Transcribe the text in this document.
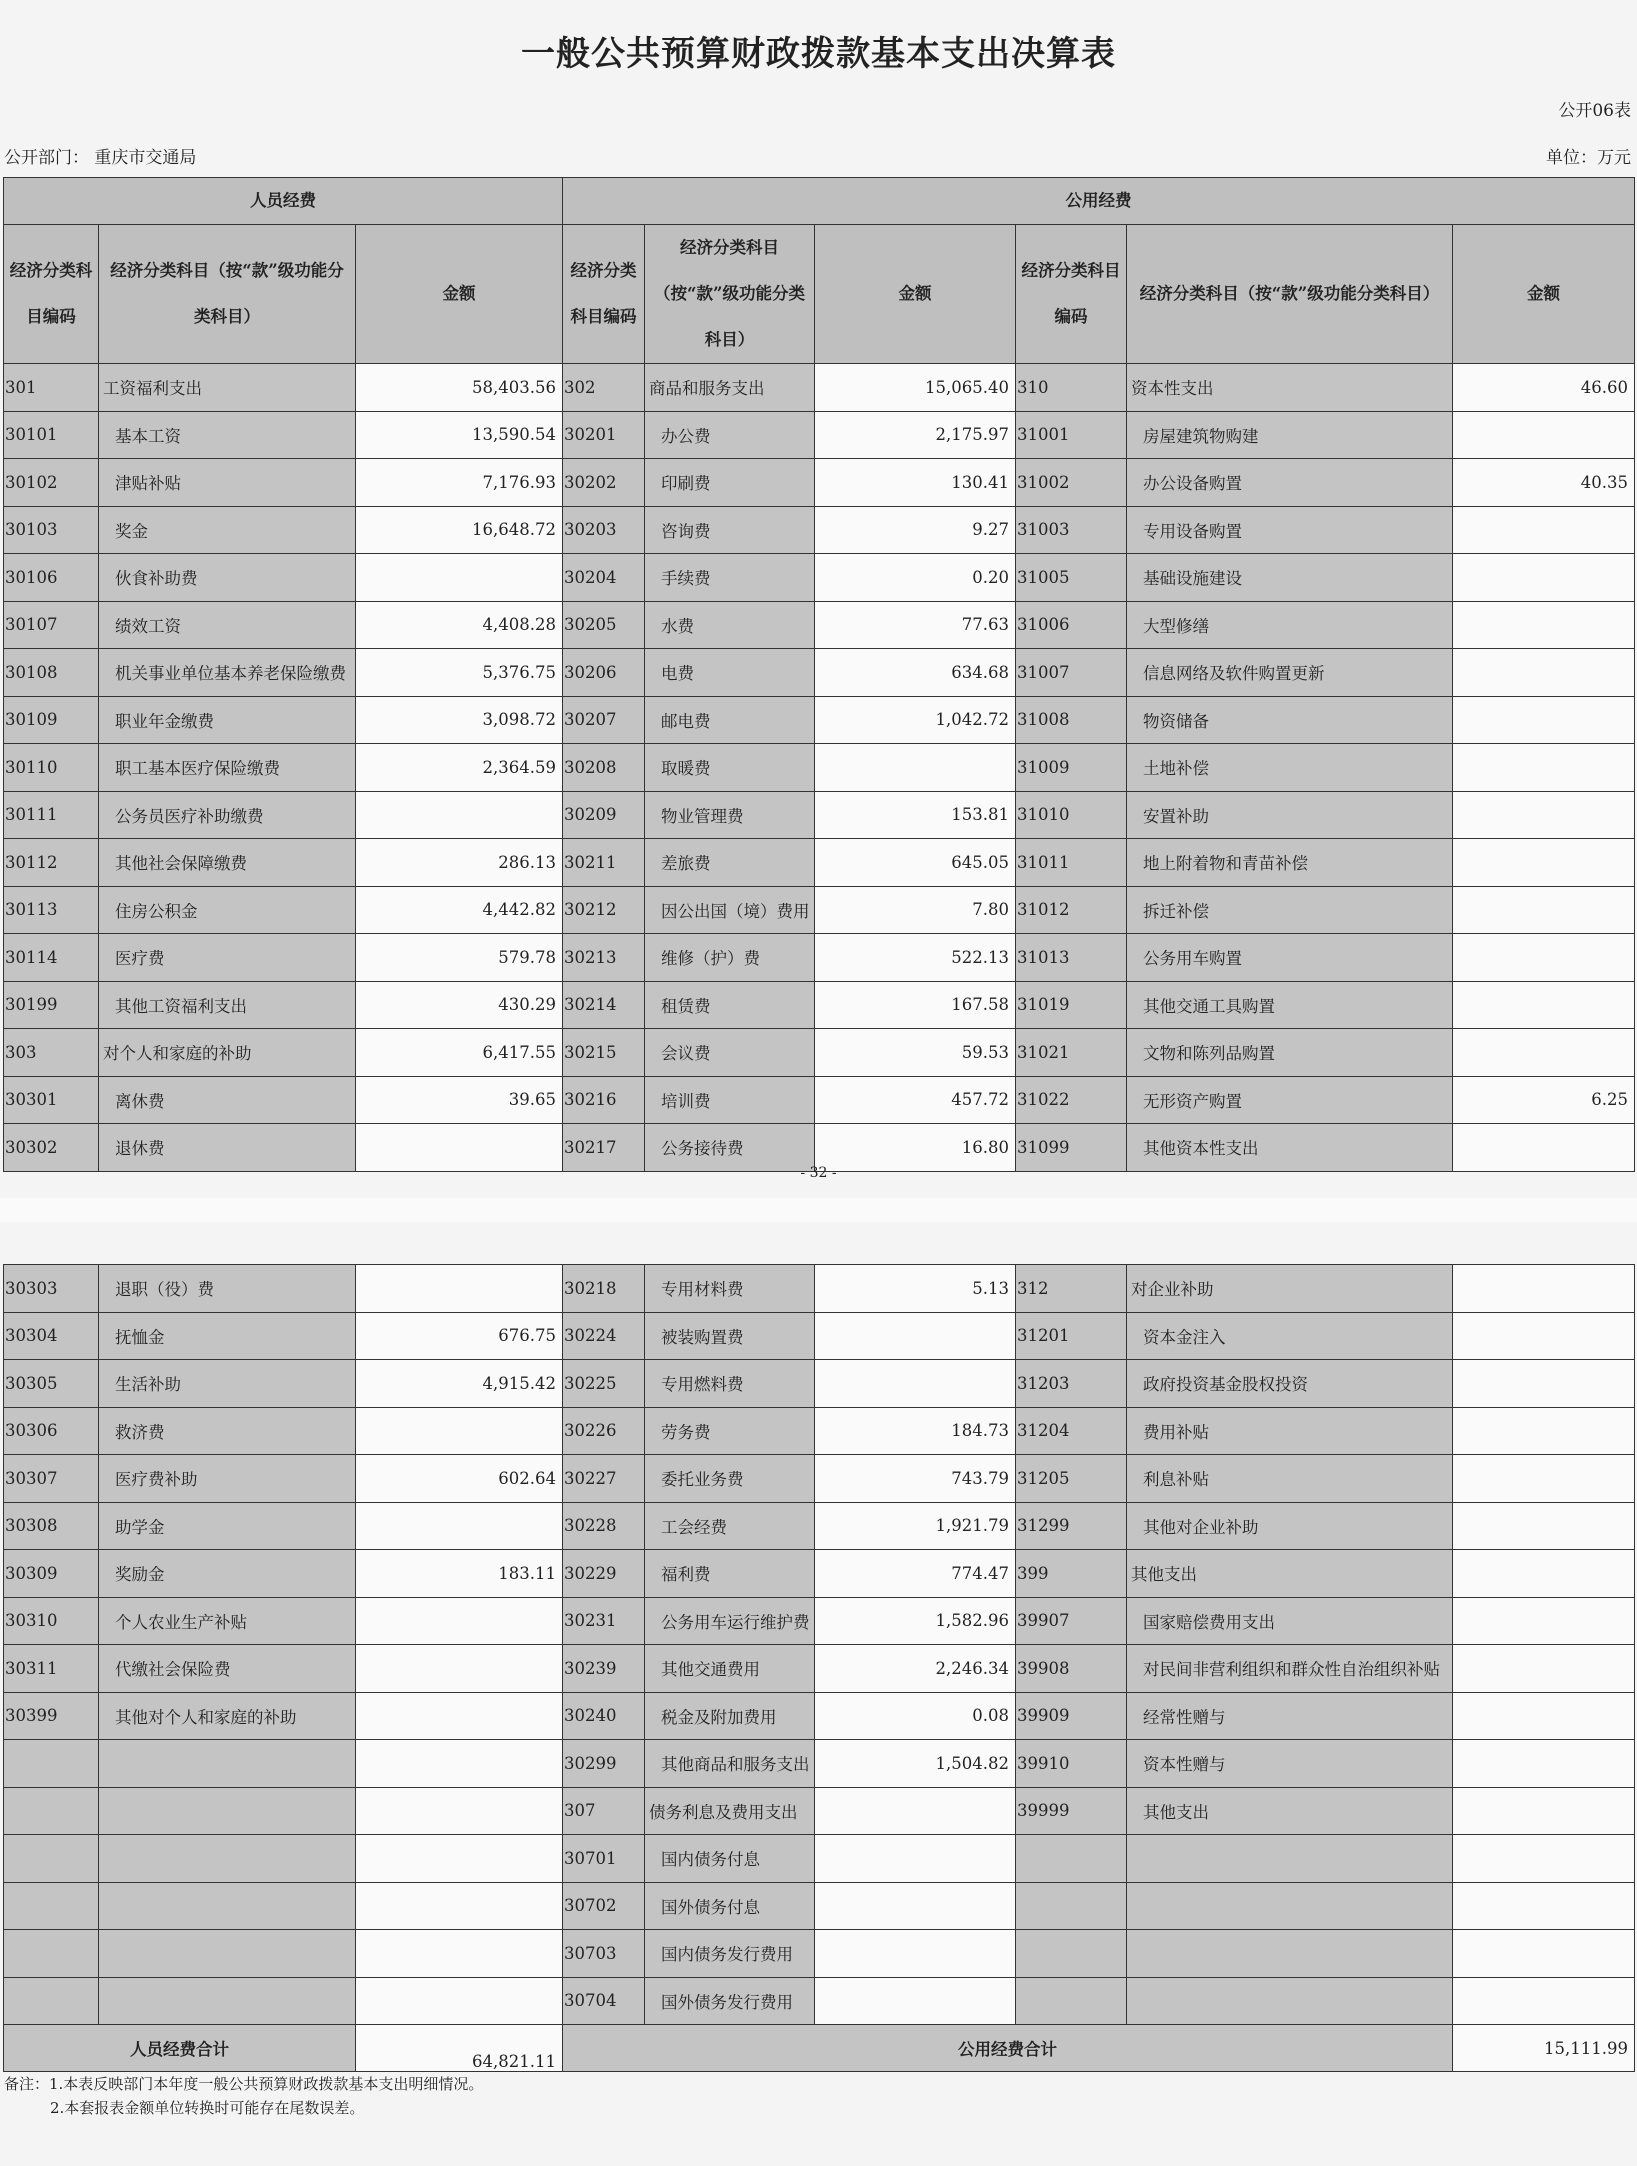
一般公共预算财政拨款基本支出决算表
公开06表
公开部门： 重庆市交通局	单位：万元
人员经费			公用经费					
经济分类科目编码	经济分类科目（按“款”级功能分类科目）	金额	经济分类科目编码	经济分类科目（按“款”级功能分类科目）	金额	经济分类科目编码	经济分类科目（按“款”级功能分类科目）	金额
301	工资福利支出	58,403.56	302	商品和服务支出	15,065.40	310	资本性支出	46.60
30101	基本工资	13,590.54	30201	办公费	2,175.97	31001	房屋建筑物购建	
30102	津贴补贴	7,176.93	30202	印刷费	130.41	31002	办公设备购置	40.35
30103	奖金	16,648.72	30203	咨询费	9.27	31003	专用设备购置	
30106	伙食补助费		30204	手续费	0.20	31005	基础设施建设	
30107	绩效工资	4,408.28	30205	水费	77.63	31006	大型修缮	
30108	机关事业单位基本养老保险缴费	5,376.75	30206	电费	634.68	31007	信息网络及软件购置更新	
30109	职业年金缴费	3,098.72	30207	邮电费	1,042.72	31008	物资储备	
30110	职工基本医疗保险缴费	2,364.59	30208	取暖费		31009	土地补偿	
30111	公务员医疗补助缴费		30209	物业管理费	153.81	31010	安置补助	
30112	其他社会保障缴费	286.13	30211	差旅费	645.05	31011	地上附着物和青苗补偿	
30113	住房公积金	4,442.82	30212	因公出国（境）费用	7.80	31012	拆迁补偿	
30114	医疗费	579.78	30213	维修（护）费	522.13	31013	公务用车购置	
30199	其他工资福利支出	430.29	30214	租赁费	167.58	31019	其他交通工具购置	
303	对个人和家庭的补助	6,417.55	30215	会议费	59.53	31021	文物和陈列品购置	
30301	离休费	39.65	30216	培训费	457.72	31022	无形资产购置	6.25
30302	退休费		30217	公务接待费	16.80	31099	其他资本性支出	
- 32 -
30303	退职（役）费		30218	专用材料费	5.13	312	对企业补助	
30304	抚恤金	676.75	30224	被装购置费		31201	资本金注入	
30305	生活补助	4,915.42	30225	专用燃料费		31203	政府投资基金股权投资	
30306	救济费		30226	劳务费	184.73	31204	费用补贴	
30307	医疗费补助	602.64	30227	委托业务费	743.79	31205	利息补贴	
30308	助学金		30228	工会经费	1,921.79	31299	其他对企业补助	
30309	奖励金	183.11	30229	福利费	774.47	399	其他支出	
30310	个人农业生产补贴		30231	公务用车运行维护费	1,582.96	39907	国家赔偿费用支出	
30311	代缴社会保险费		30239	其他交通费用	2,246.34	39908	对民间非营利组织和群众性自治组织补贴	
30399	其他对个人和家庭的补助		30240	税金及附加费用	0.08	39909	经常性赠与	
			30299	其他商品和服务支出	1,504.82	39910	资本性赠与	
			307	债务利息及费用支出		39999	其他支出	
			30701	国内债务付息				
			30702	国外债务付息				
			30703	国内债务发行费用				
			30704	国外债务发行费用				
人员经费合计		64,821.11	公用经费合计					15,111.99
备注：1.本表反映部门本年度一般公共预算财政拨款基本支出明细情况。
2.本套报表金额单位转换时可能存在尾数误差。
